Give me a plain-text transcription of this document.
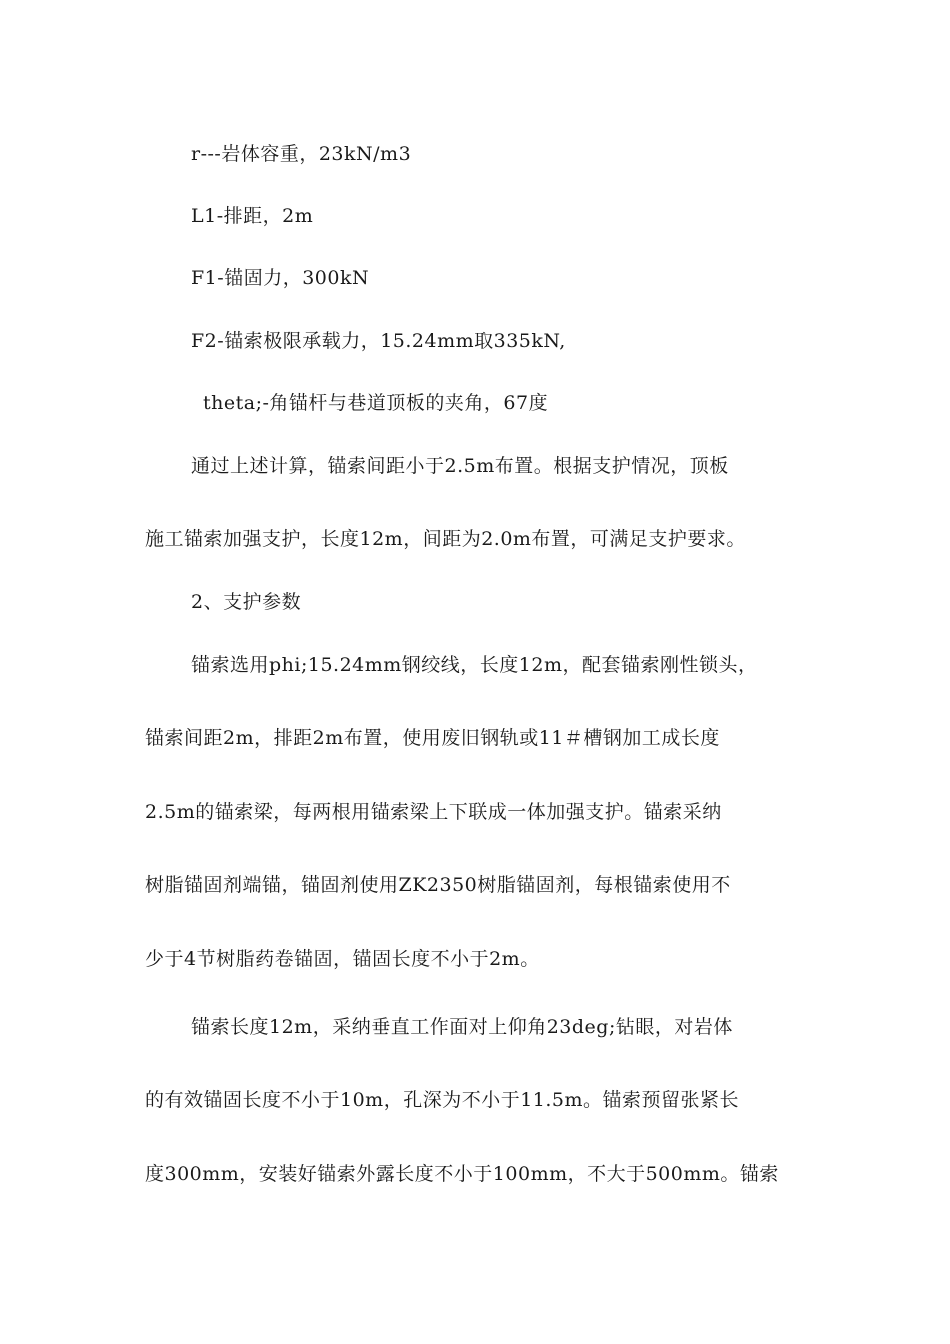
r---岩体容重，23kN/m3
L1-排距，2m
F1-锚固力，300kN
F2-锚索极限承载力，15.24mm取335kN,
theta;-角锚杆与巷道顶板的夹角，67度
通过上述计算，锚索间距小于2.5m布置。根据支护情况，顶板
施工锚索加强支护，长度12m，间距为2.0m布置，可满足支护要求。
2、支护参数
锚索选用phi;15.24mm钢绞线，长度12m，配套锚索刚性锁头，
锚索间距2m，排距2m布置，使用废旧钢轨或11＃槽钢加工成长度
2.5m的锚索梁，每两根用锚索梁上下联成一体加强支护。锚索采纳
树脂锚固剂端锚，锚固剂使用ZK2350树脂锚固剂，每根锚索使用不
少于4节树脂药卷锚固，锚固长度不小于2m。
锚索长度12m，采纳垂直工作面对上仰角23deg;钻眼，对岩体
的有效锚固长度不小于10m，孔深为不小于11.5m。锚索预留张紧长
度300mm，安装好锚索外露长度不小于100mm，不大于500mm。锚索
